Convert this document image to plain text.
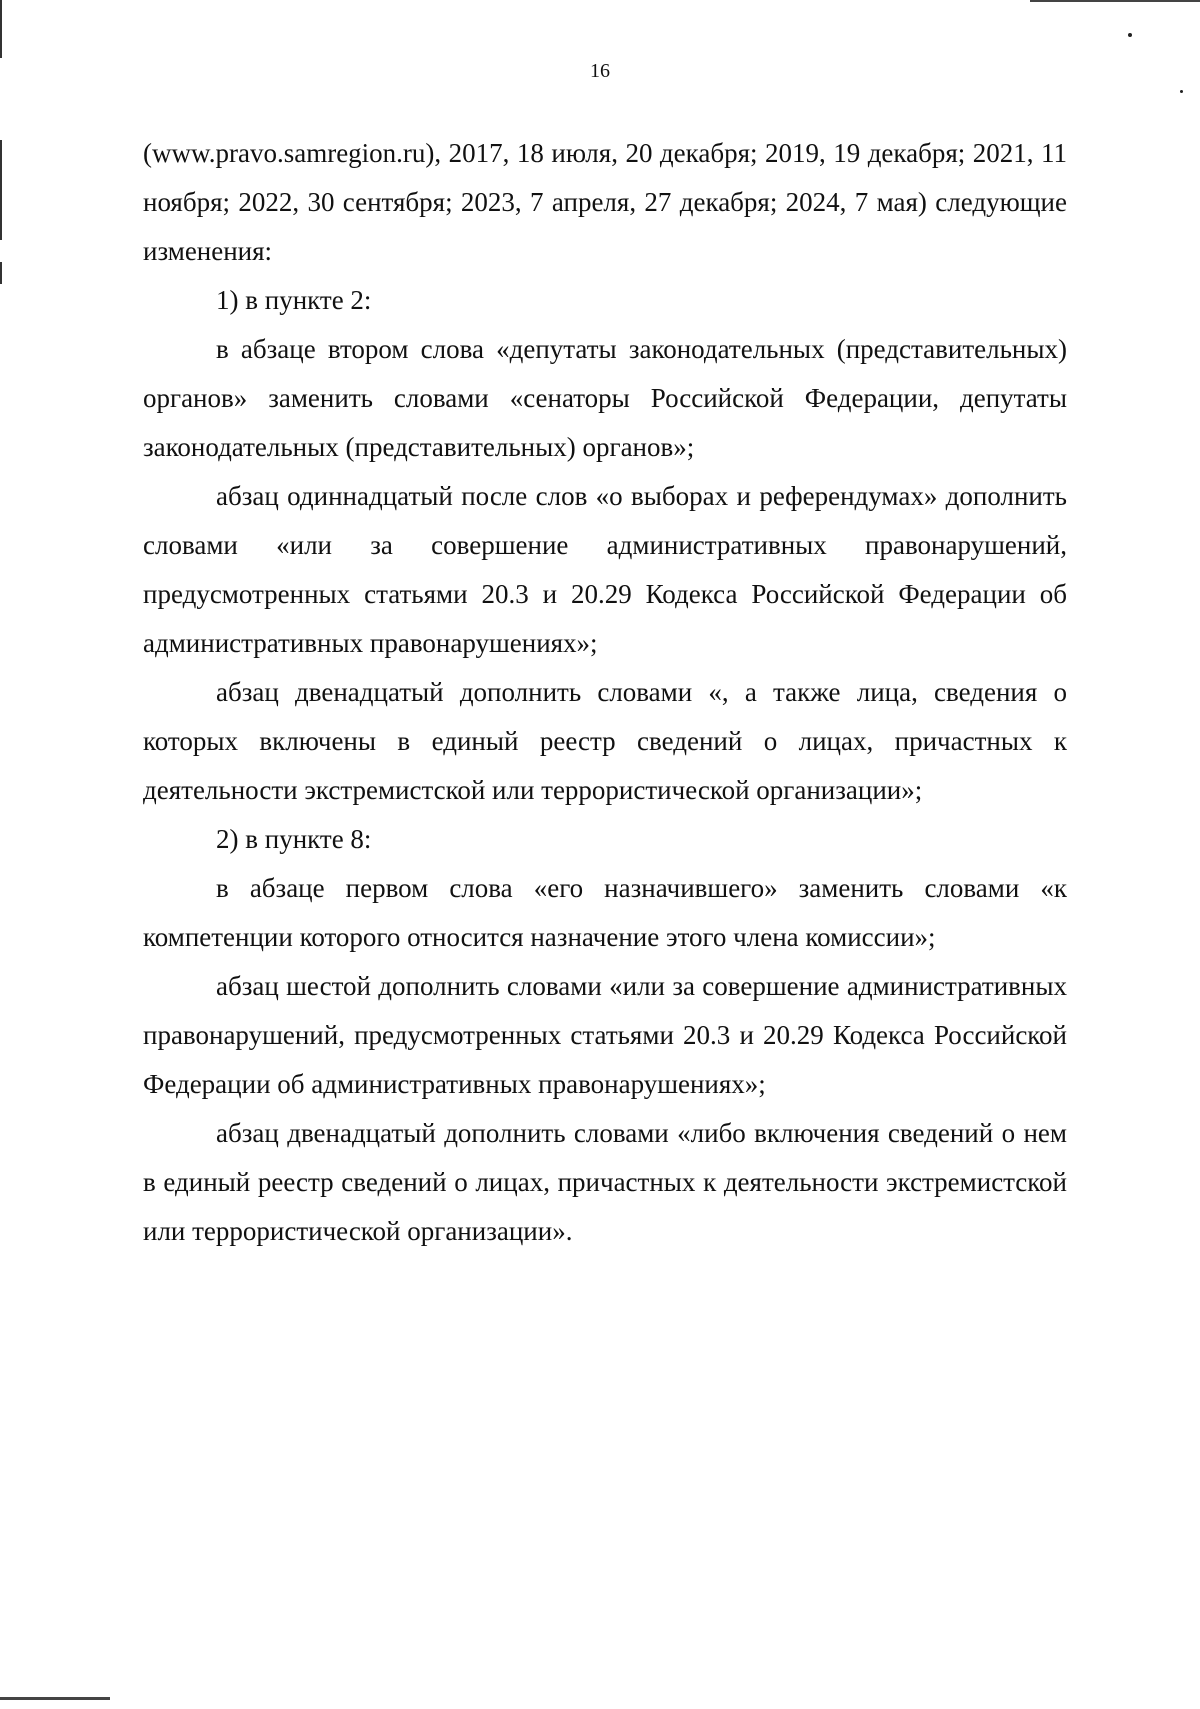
16

(www.pravo.samregion.ru), 2017, 18 июля, 20 декабря; 2019, 19 декабря; 2021, 11 ноября; 2022, 30 сентября; 2023, 7 апреля, 27 декабря; 2024, 7 мая) следующие изменения:

1) в пункте 2:

в абзаце втором слова «депутаты законодательных (представительных) органов» заменить словами «сенаторы Российской Федерации, депутаты законодательных (представительных) органов»;

абзац одиннадцатый после слов «о выборах и референдумах» дополнить словами «или за совершение административных правонарушений, предусмотренных статьями 20.3 и 20.29 Кодекса Российской Федерации об административных правонарушениях»;

абзац двенадцатый дополнить словами «, а также лица, сведения о которых включены в единый реестр сведений о лицах, причастных к деятельности экстремистской или террористической организации»;

2) в пункте 8:

в абзаце первом слова «его назначившего» заменить словами «к компетенции которого относится назначение этого члена комиссии»;

абзац шестой дополнить словами «или за совершение административных правонарушений, предусмотренных статьями 20.3 и 20.29 Кодекса Российской Федерации об административных правонарушениях»;

абзац двенадцатый дополнить словами «либо включения сведений о нем в единый реестр сведений о лицах, причастных к деятельности экстремистской или террористической организации».
